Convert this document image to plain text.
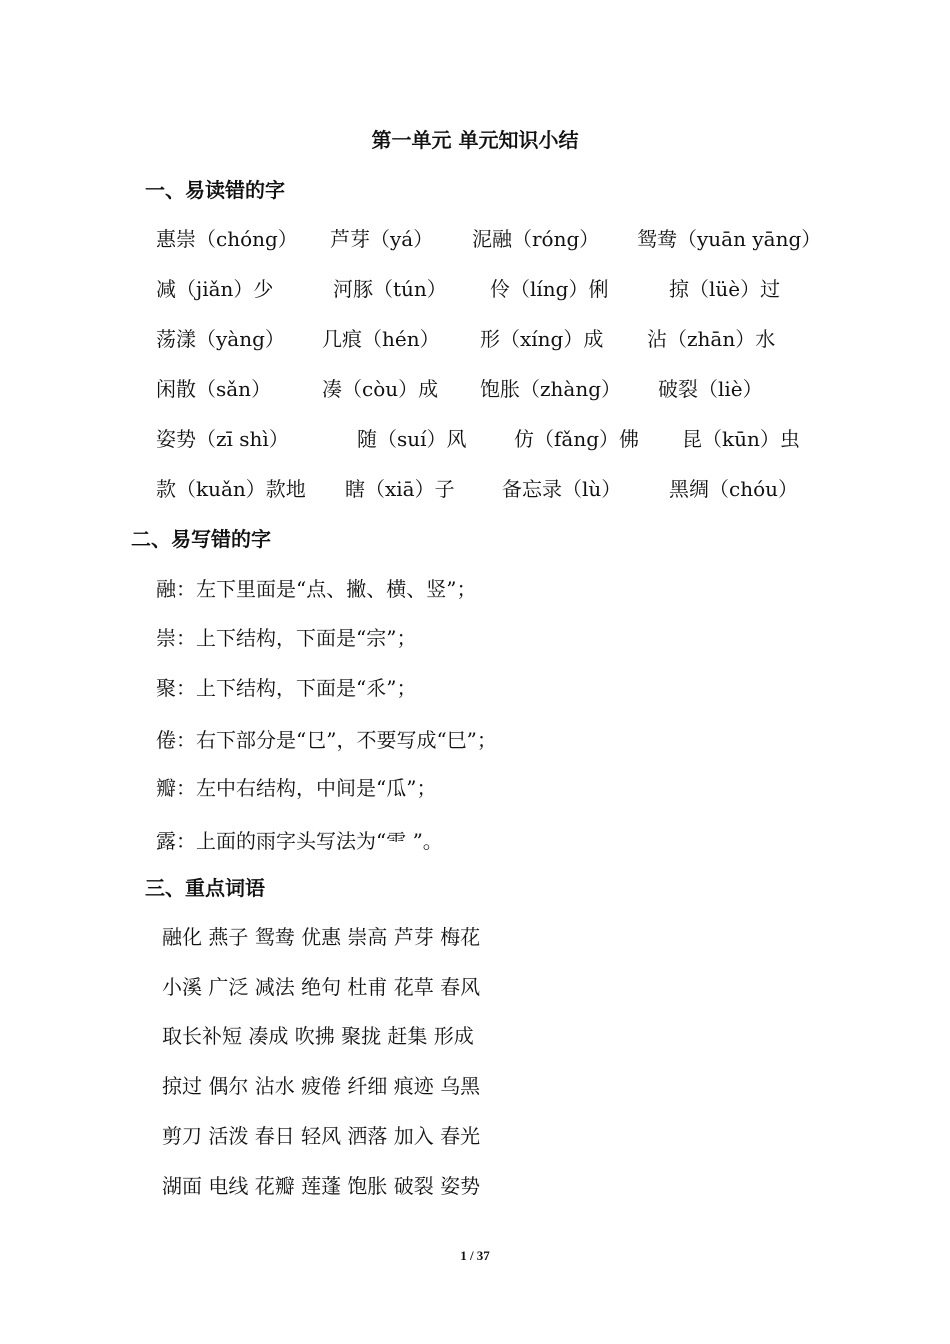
第一单元 单元知识小结
一、易读错的字
惠崇（chóng） 芦芽（yá） 泥融（róng） 鸳鸯（yuān yāng）
减（jiǎn）少	河豚（tún） 伶（líng）俐	掠（lüè）过
荡漾（yàng） 几痕（hén） 形（xíng）成 沾（zhān）水
闲散（sǎn）	凑（còu）成 饱胀（zhàng） 破裂（liè）
姿势（zī shì）	随（suí）风 仿（fǎng）佛 昆（kūn）虫
款（kuǎn）款地 瞎（xiā）子 备忘录（lù） 黑绸（chóu）
二、易写错的字
融：左下里面是“点、撇、横、竖”；
崇：上下结构，下面是“宗”；
聚：上下结构，下面是“乑”；
倦：右下部分是“㔾”，不要写成“巳”；
瓣：左中右结构，中间是“瓜”；
露：上面的雨字头写法为“⻗ ”。
三、重点词语
融化 燕子 鸳鸯 优惠 崇高 芦芽 梅花
小溪 广泛 减法 绝句 杜甫 花草 春风
取长补短 凑成 吹拂 聚拢 赶集 形成
掠过 偶尔 沾水 疲倦 纤细 痕迹 乌黑
剪刀 活泼 春日 轻风 洒落 加入 春光
湖面 电线 花瓣 莲蓬 饱胀 破裂 姿势
1 / 37
